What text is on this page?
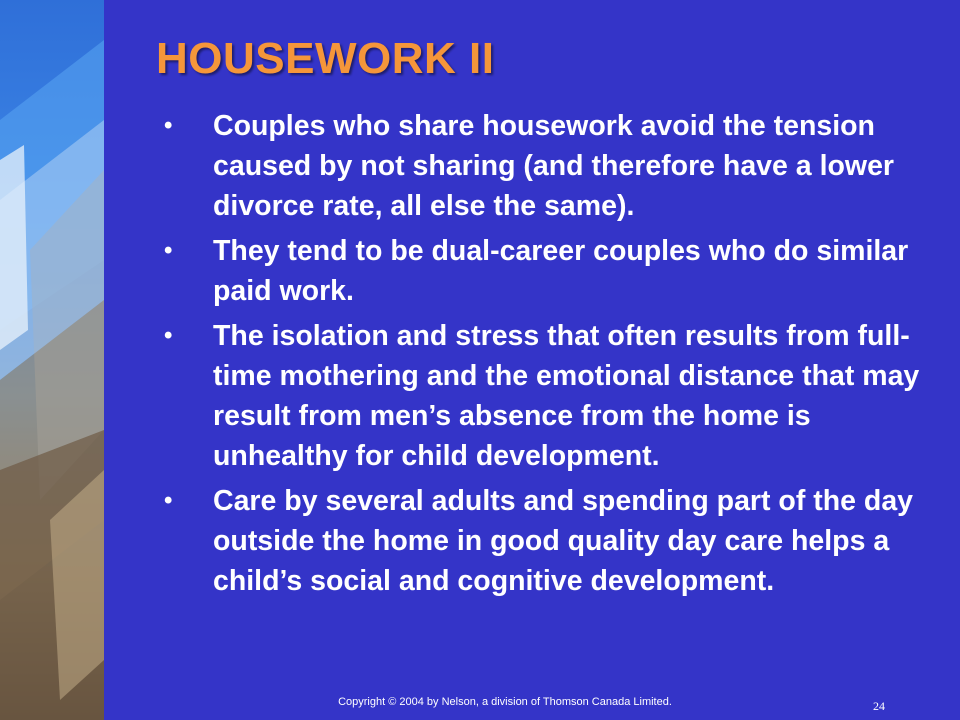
HOUSEWORK II
• Couples who share housework avoid the tension caused by not sharing (and therefore have a lower divorce rate, all else the same).
• They tend to be dual-career couples who do similar paid work.
• The isolation and stress that often results from full-time mothering and the emotional distance that may result from men’s absence from the home is unhealthy for child development.
• Care by several adults and spending part of the day outside the home in good quality day care helps a child’s social and cognitive development.
Copyright © 2004 by Nelson, a division of Thomson Canada Limited.	24
